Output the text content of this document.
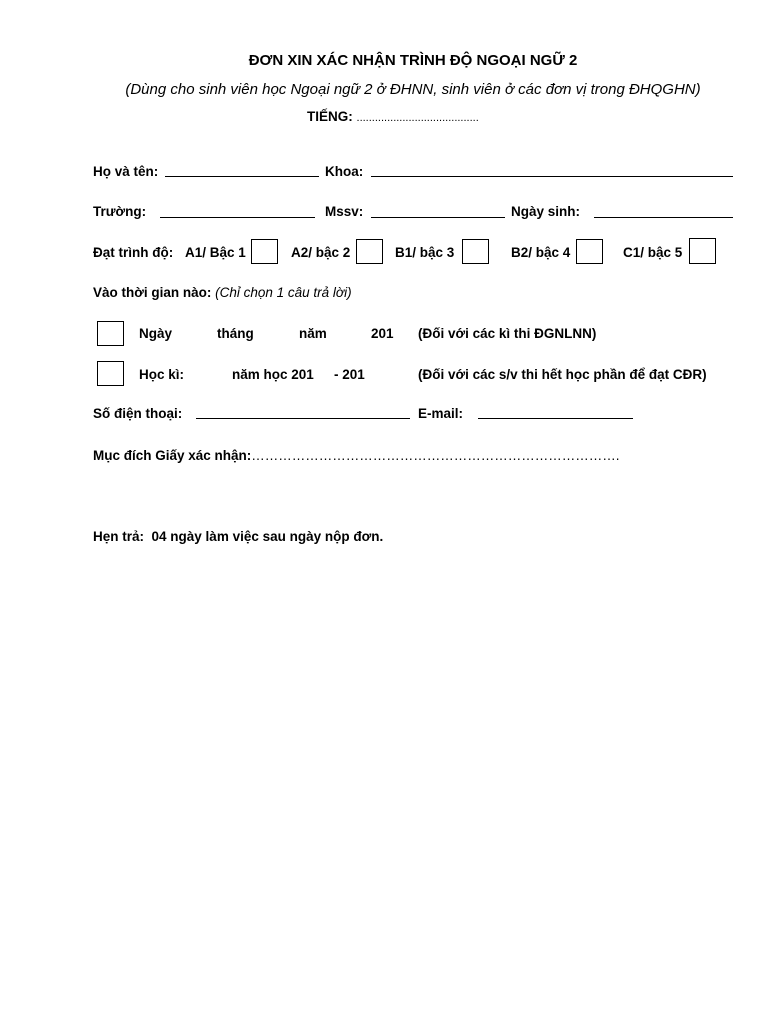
ĐƠN XIN XÁC NHẬN TRÌNH ĐỘ NGOẠI NGỮ 2
(Dùng cho sinh viên học Ngoại ngữ 2 ở ĐHNN, sinh viên ở các đơn vị trong ĐHQGHN)
TIẾNG: ........................................
Họ và tên:	Khoa:
Trường:	Mssv:	Ngày sinh:
Đạt trình độ: A1/ Bậc 1	A2/ bậc 2	B1/ bậc 3	B2/ bậc 4	C1/ bậc 5
Vào thời gian nào: (Chỉ chọn 1 câu trả lời)
Ngày	tháng	năm	201 (Đối với các kì thi ĐGNLNN)
Học kì:	năm học 201 - 201	(Đối với các s/v thi hết học phần để đạt CĐR)
Số điện thoại:	E-mail:
Mục đích Giấy xác nhận:……………………………………………………………………….
Hẹn trả: 04 ngày làm việc sau ngày nộp đơn.
